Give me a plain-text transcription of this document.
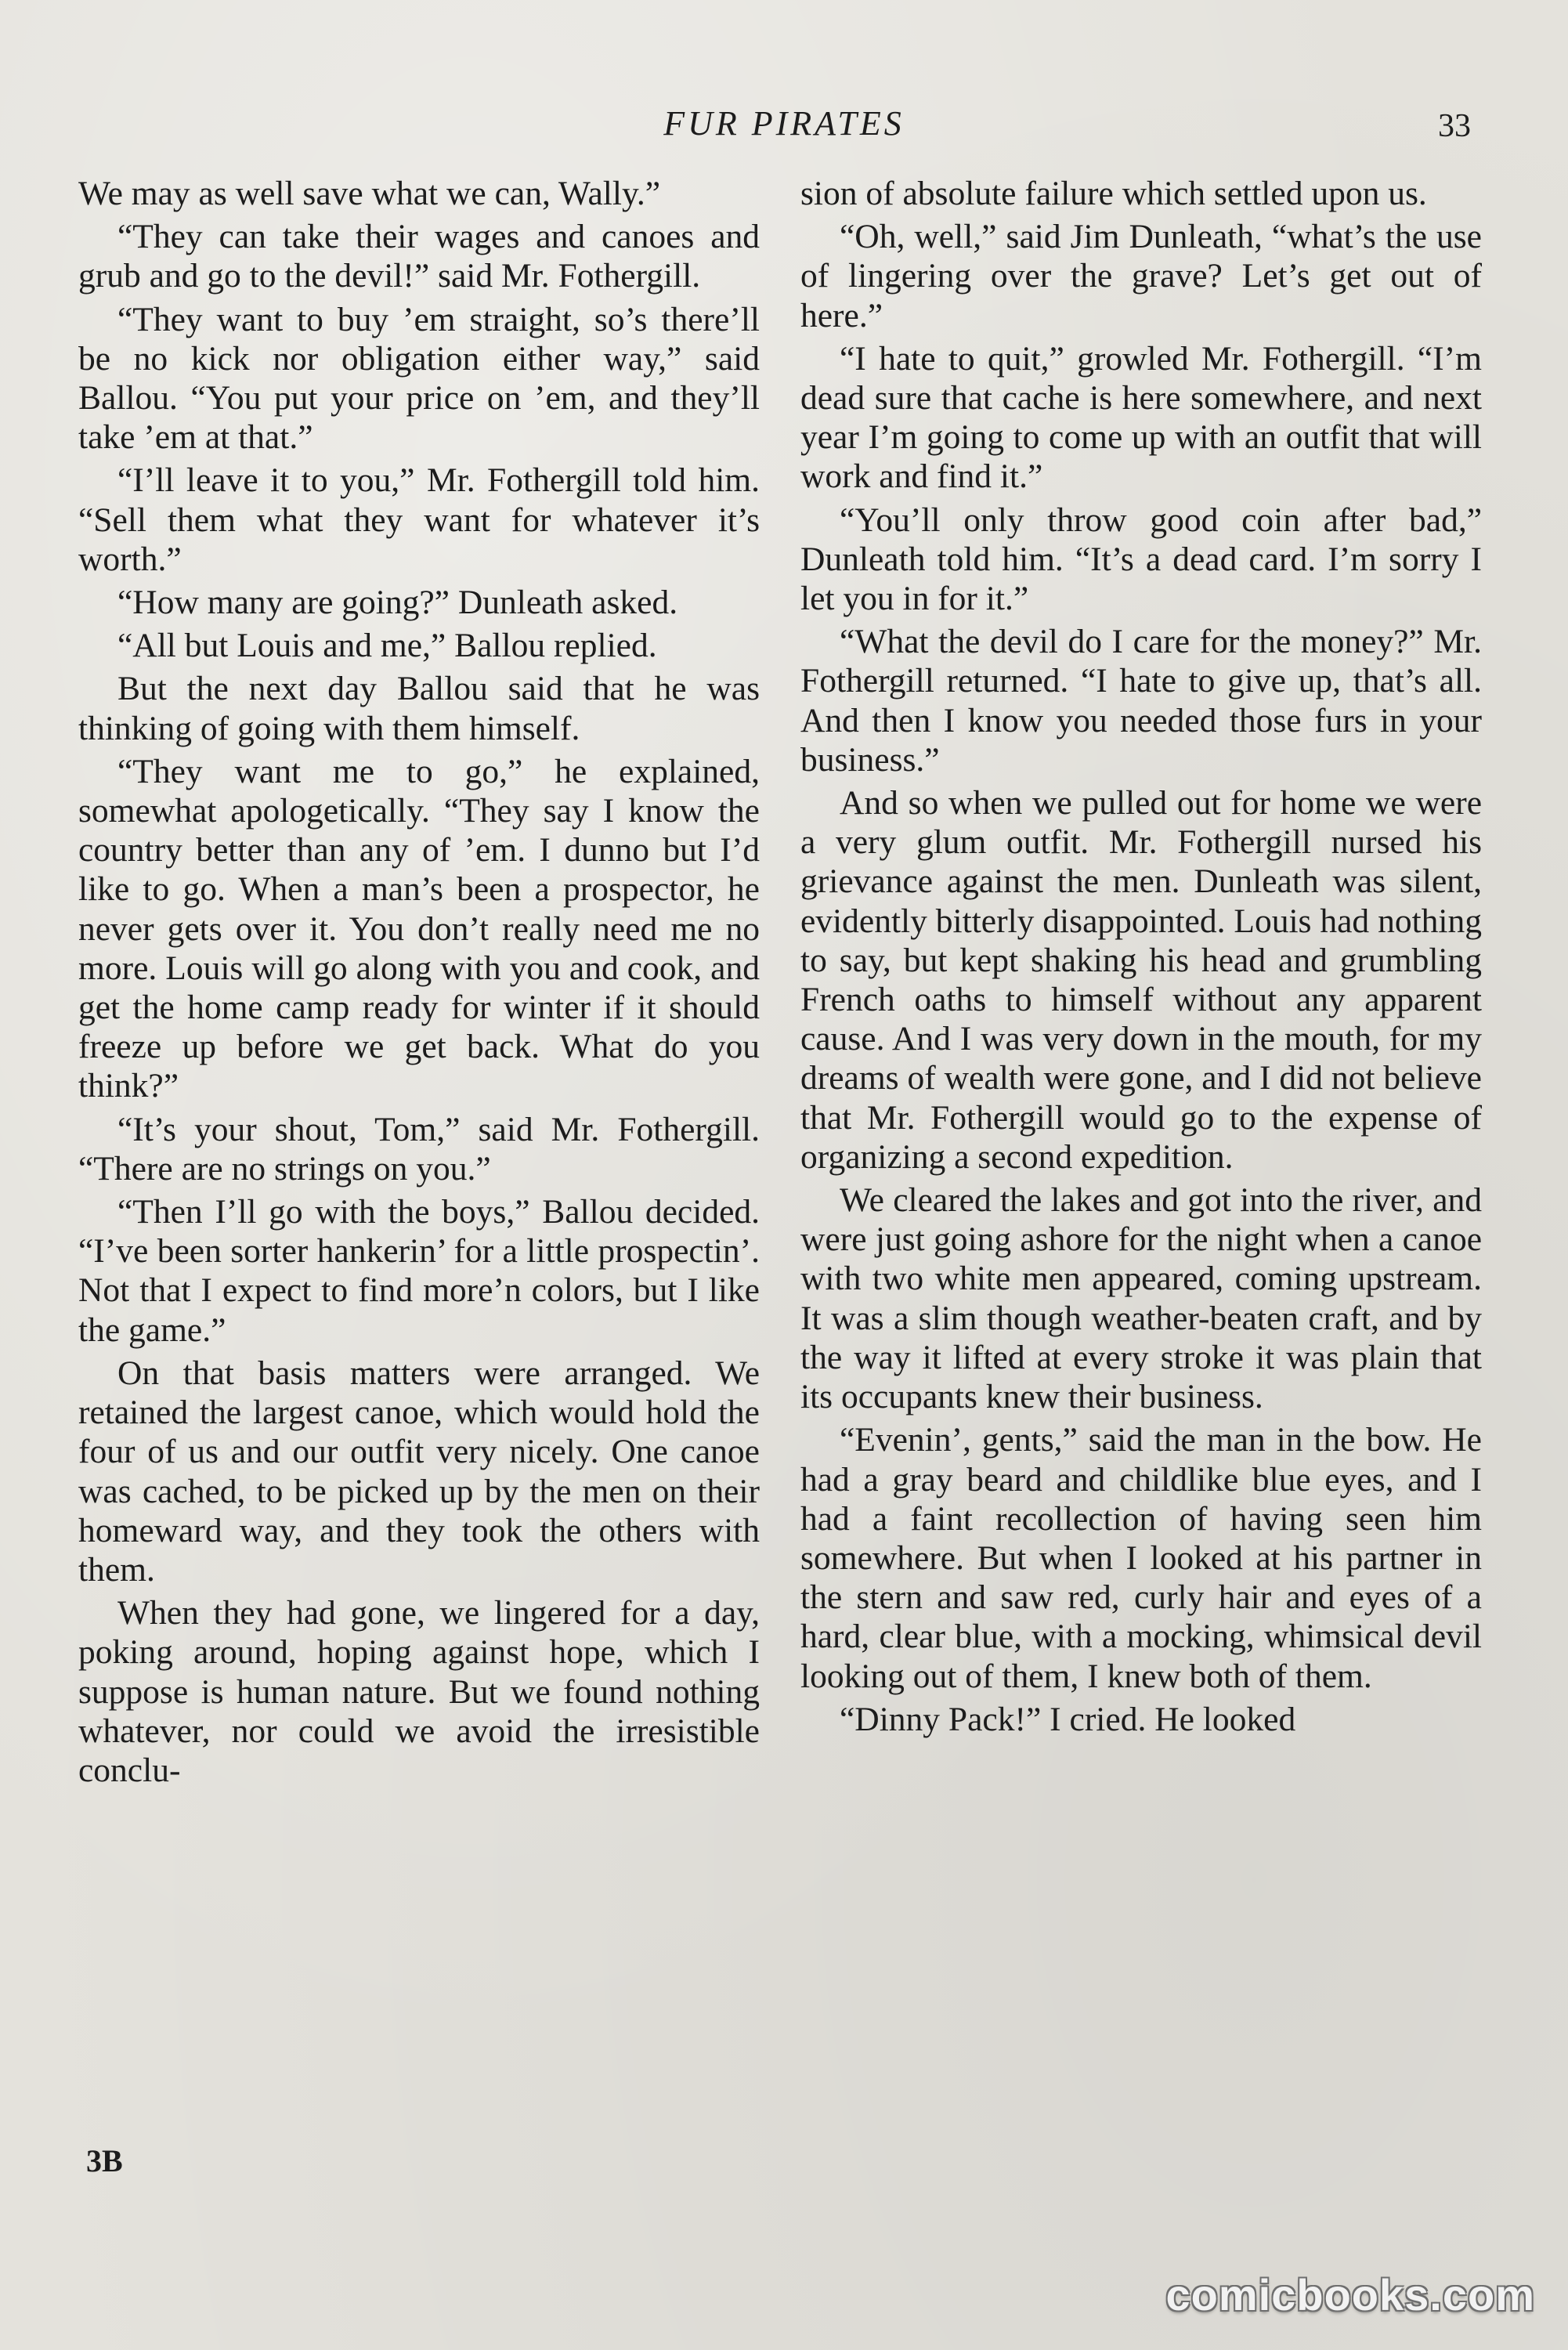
FUR PIRATES	33

We may as well save what we can, Wally.”

“They can take their wages and canoes and grub and go to the devil!” said Mr. Fothergill.

“They want to buy ’em straight, so’s there’ll be no kick nor obligation either way,” said Ballou. “You put your price on ’em, and they’ll take ’em at that.”

“I’ll leave it to you,” Mr. Fothergill told him. “Sell them what they want for whatever it’s worth.”

“How many are going?” Dunleath asked.

“All but Louis and me,” Ballou replied.

But the next day Ballou said that he was thinking of going with them himself.

“They want me to go,” he explained, somewhat apologetically. “They say I know the country better than any of ’em. I dunno but I’d like to go. When a man’s been a prospector, he never gets over it. You don’t really need me no more. Louis will go along with you and cook, and get the home camp ready for winter if it should freeze up before we get back. What do you think?”

“It’s your shout, Tom,” said Mr. Fothergill. “There are no strings on you.”

“Then I’ll go with the boys,” Ballou decided. “I’ve been sorter hankerin’ for a little prospectin’. Not that I expect to find more’n colors, but I like the game.”

On that basis matters were arranged. We retained the largest canoe, which would hold the four of us and our outfit very nicely. One canoe was cached, to be picked up by the men on their homeward way, and they took the others with them.

When they had gone, we lingered for a day, poking around, hoping against hope, which I suppose is human nature. But we found nothing whatever, nor could we avoid the irresistible conclu-

sion of absolute failure which settled upon us.

“Oh, well,” said Jim Dunleath, “what’s the use of lingering over the grave? Let’s get out of here.”

“I hate to quit,” growled Mr. Fothergill. “I’m dead sure that cache is here somewhere, and next year I’m going to come up with an outfit that will work and find it.”

“You’ll only throw good coin after bad,” Dunleath told him. “It’s a dead card. I’m sorry I let you in for it.”

“What the devil do I care for the money?” Mr. Fothergill returned. “I hate to give up, that’s all. And then I know you needed those furs in your business.”

And so when we pulled out for home we were a very glum outfit. Mr. Fothergill nursed his grievance against the men. Dunleath was silent, evidently bitterly disappointed. Louis had nothing to say, but kept shaking his head and grumbling French oaths to himself without any apparent cause. And I was very down in the mouth, for my dreams of wealth were gone, and I did not believe that Mr. Fothergill would go to the expense of organizing a second expedition.

We cleared the lakes and got into the river, and were just going ashore for the night when a canoe with two white men appeared, coming upstream. It was a slim though weather-beaten craft, and by the way it lifted at every stroke it was plain that its occupants knew their business.

“Evenin’, gents,” said the man in the bow. He had a gray beard and childlike blue eyes, and I had a faint recollection of having seen him somewhere. But when I looked at his partner in the stern and saw red, curly hair and eyes of a hard, clear blue, with a mocking, whimsical devil looking out of them, I knew both of them.

“Dinny Pack!” I cried. He looked

3B
comicbooks.com
